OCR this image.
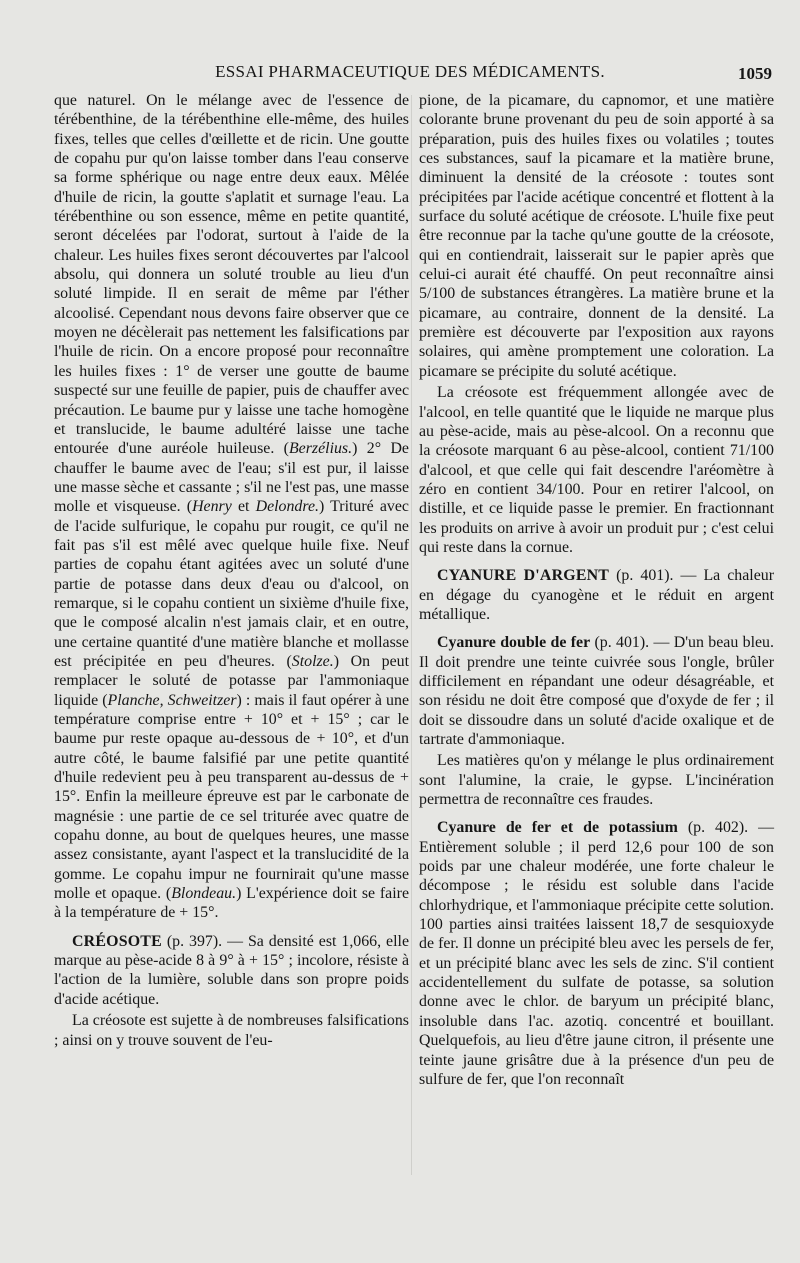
ESSAI PHARMACEUTIQUE DES MÉDICAMENTS.	1059

que naturel. On le mélange avec de l'essence de térébenthine, de la térébenthine elle-même, des huiles fixes, telles que celles d'œillette et de ricin. Une goutte de copahu pur qu'on laisse tomber dans l'eau conserve sa forme sphérique ou nage entre deux eaux. Mêlée d'huile de ricin, la goutte s'aplatit et surnage l'eau. La térébenthine ou son essence, même en petite quantité, seront décelées par l'odorat, surtout à l'aide de la chaleur. Les huiles fixes seront découvertes par l'alcool absolu, qui donnera un soluté trouble au lieu d'un soluté limpide. Il en serait de même par l'éther alcoolisé. Cependant nous devons faire observer que ce moyen ne décèlerait pas nettement les falsifications par l'huile de ricin. On a encore proposé pour reconnaître les huiles fixes : 1° de verser une goutte de baume suspecté sur une feuille de papier, puis de chauffer avec précaution. Le baume pur y laisse une tache homogène et translucide, le baume adultéré laisse une tache entourée d'une auréole huileuse. (Berzélius.) 2° De chauffer le baume avec de l'eau; s'il est pur, il laisse une masse sèche et cassante ; s'il ne l'est pas, une masse molle et visqueuse. (Henry et Delondre.) Trituré avec de l'acide sulfurique, le copahu pur rougit, ce qu'il ne fait pas s'il est mêlé avec quelque huile fixe. Neuf parties de copahu étant agitées avec un soluté d'une partie de potasse dans deux d'eau ou d'alcool, on remarque, si le copahu contient un sixième d'huile fixe, que le composé alcalin n'est jamais clair, et en outre, une certaine quantité d'une matière blanche et mollasse est précipitée en peu d'heures. (Stolze.) On peut remplacer le soluté de potasse par l'ammoniaque liquide (Planche, Schweitzer) : mais il faut opérer à une température comprise entre + 10° et + 15° ; car le baume pur reste opaque au-dessous de + 10°, et d'un autre côté, le baume falsifié par une petite quantité d'huile redevient peu à peu transparent au-dessus de + 15°. Enfin la meilleure épreuve est par le carbonate de magnésie : une partie de ce sel triturée avec quatre de copahu donne, au bout de quelques heures, une masse assez consistante, ayant l'aspect et la translucidité de la gomme. Le copahu impur ne fournirait qu'une masse molle et opaque. (Blondeau.) L'expérience doit se faire à la température de + 15°.

CRÉOSOTE (p. 397). — Sa densité est 1,066, elle marque au pèse-acide 8 à 9° à + 15° ; incolore, résiste à l'action de la lumière, soluble dans son propre poids d'acide acétique.

La créosote est sujette à de nombreuses falsifications ; ainsi on y trouve souvent de l'eu-

pione, de la picamare, du capnomor, et une matière colorante brune provenant du peu de soin apporté à sa préparation, puis des huiles fixes ou volatiles ; toutes ces substances, sauf la picamare et la matière brune, diminuent la densité de la créosote : toutes sont précipitées par l'acide acétique concentré et flottent à la surface du soluté acétique de créosote. L'huile fixe peut être reconnue par la tache qu'une goutte de la créosote, qui en contiendrait, laisserait sur le papier après que celui-ci aurait été chauffé. On peut reconnaître ainsi 5/100 de substances étrangères. La matière brune et la picamare, au contraire, donnent de la densité. La première est découverte par l'exposition aux rayons solaires, qui amène promptement une coloration. La picamare se précipite du soluté acétique.

La créosote est fréquemment allongée avec de l'alcool, en telle quantité que le liquide ne marque plus au pèse-acide, mais au pèse-alcool. On a reconnu que la créosote marquant 6 au pèse-alcool, contient 71/100 d'alcool, et que celle qui fait descendre l'aréomètre à zéro en contient 34/100. Pour en retirer l'alcool, on distille, et ce liquide passe le premier. En fractionnant les produits on arrive à avoir un produit pur ; c'est celui qui reste dans la cornue.

CYANURE D'ARGENT (p. 401). — La chaleur en dégage du cyanogène et le réduit en argent métallique.

Cyanure double de fer (p. 401). — D'un beau bleu. Il doit prendre une teinte cuivrée sous l'ongle, brûler difficilement en répandant une odeur désagréable, et son résidu ne doit être composé que d'oxyde de fer ; il doit se dissoudre dans un soluté d'acide oxalique et de tartrate d'ammoniaque.

Les matières qu'on y mélange le plus ordinairement sont l'alumine, la craie, le gypse. L'incinération permettra de reconnaître ces fraudes.

Cyanure de fer et de potassium (p. 402). — Entièrement soluble ; il perd 12,6 pour 100 de son poids par une chaleur modérée, une forte chaleur le décompose ; le résidu est soluble dans l'acide chlorhydrique, et l'ammoniaque précipite cette solution. 100 parties ainsi traitées laissent 18,7 de sesquioxyde de fer. Il donne un précipité bleu avec les persels de fer, et un précipité blanc avec les sels de zinc. S'il contient accidentellement du sulfate de potasse, sa solution donne avec le chlor. de baryum un précipité blanc, insoluble dans l'ac. azotiq. concentré et bouillant. Quelquefois, au lieu d'être jaune citron, il présente une teinte jaune grisâtre due à la présence d'un peu de sulfure de fer, que l'on reconnaît
